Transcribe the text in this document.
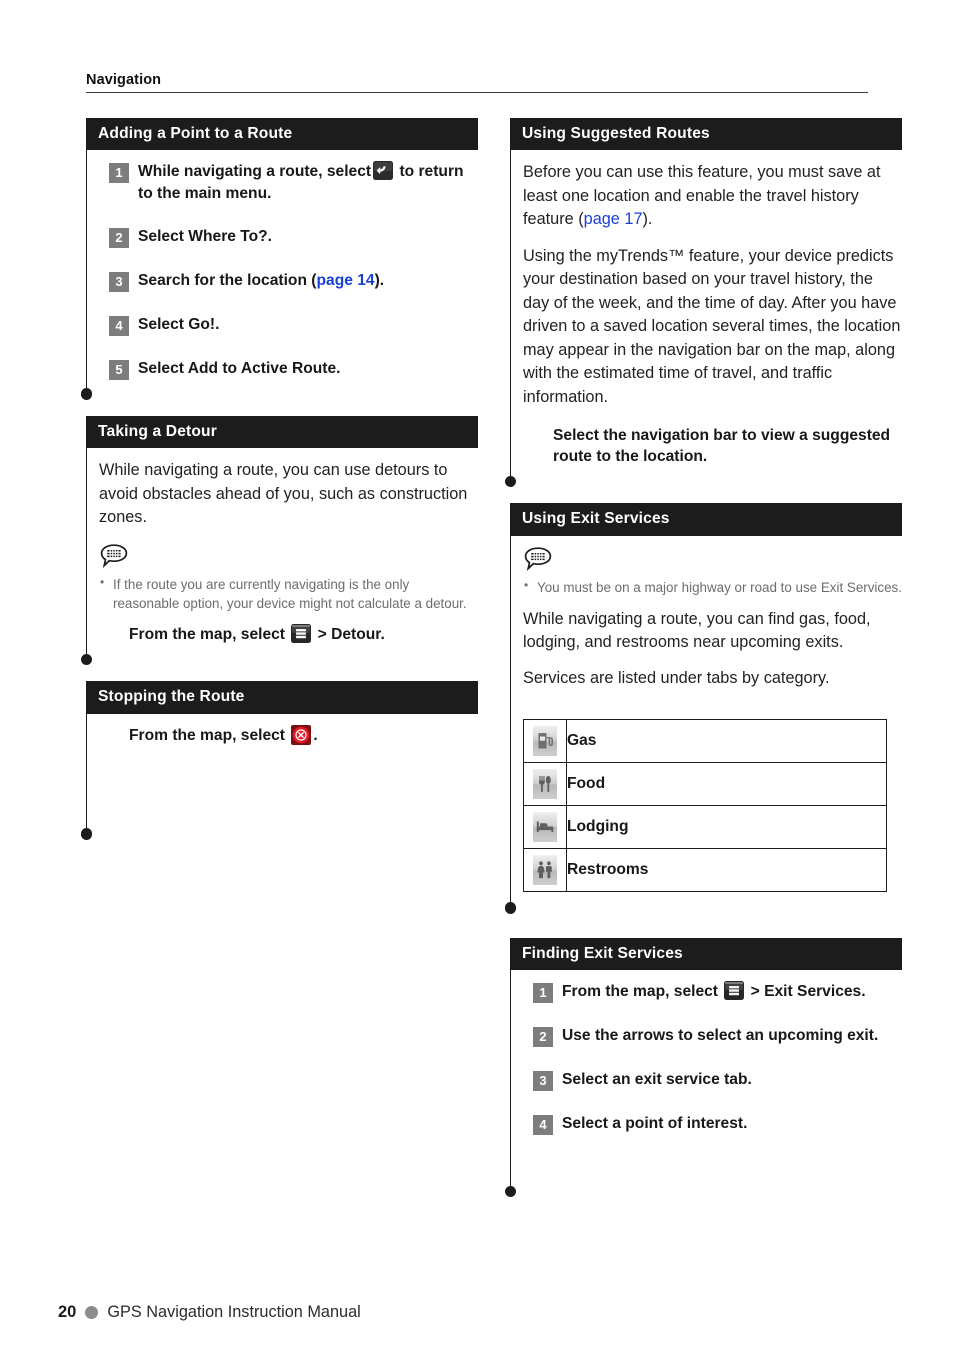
Navigation
Adding a Point to a Route
1 While navigating a route, select to return to the main menu.
2 Select Where To?.
3 Search for the location (page 14).
4 Select Go!.
5 Select Add to Active Route.
Taking a Detour

While navigating a route, you can use detours to avoid obstacles ahead of you, such as construction zones.

• If the route you are currently navigating is the only reasonable option, your device might not calculate a detour.

From the map, select > Detour.

Stopping the Route

From the map, select .

Using Suggested Routes

Before you can use this feature, you must save at least one location and enable the travel history feature (page 17).

Using the myTrends™ feature, your device predicts your destination based on your travel history, the day of the week, and the time of day. After you have driven to a saved location several times, the location may appear in the navigation bar on the map, along with the estimated time of travel, and traffic information.

Select the navigation bar to view a suggested route to the location.

Using Exit Services
• You must be on a major highway or road to use Exit Services.

While navigating a route, you can find gas, food, lodging, and restrooms near upcoming exits.

Services are listed under tabs by category.

	Gas

	Food

	Lodging

	Restrooms
Finding Exit Services
1 From the map, select > Exit Services.
2 Use the arrows to select an upcoming exit.
3 Select an exit service tab.
4 Select a point of interest.
20 GPS Navigation Instruction Manual
